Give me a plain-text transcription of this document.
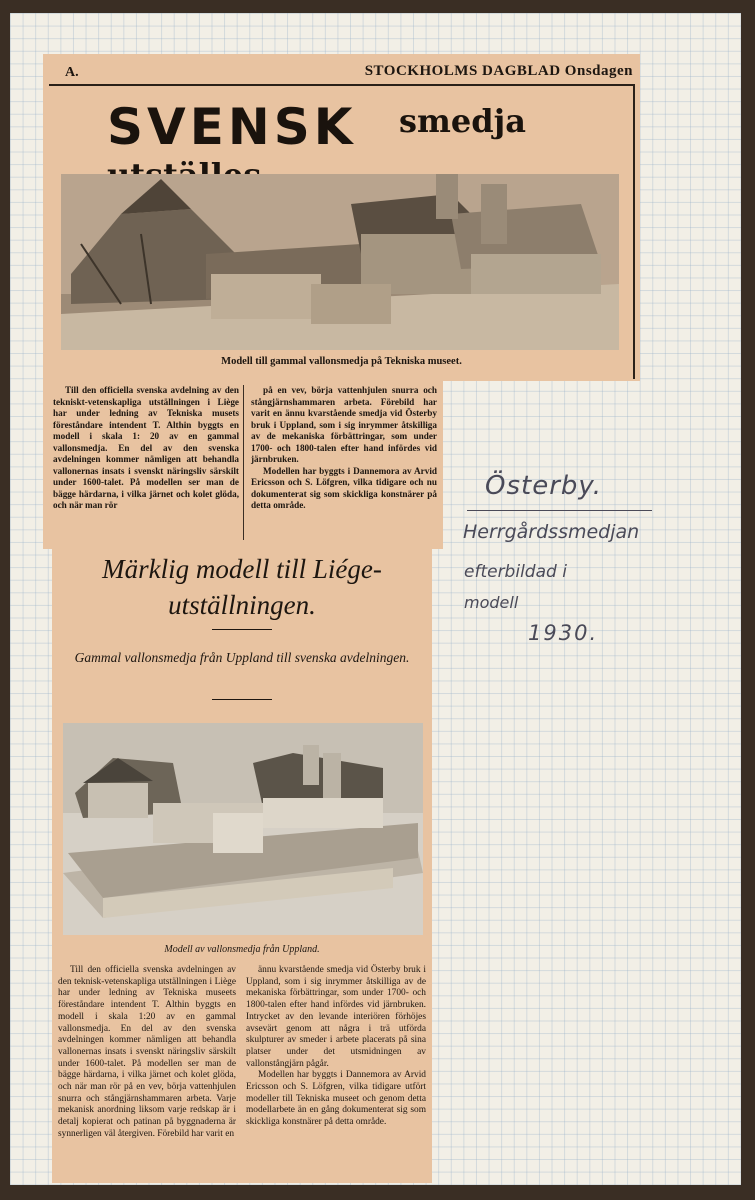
A.	STOCKHOLMS DAGBLAD Onsdagen
SVENSK smedja
Modell till gammal vallonsmedja på Tekniska museet.

Till den officiella svenska avdelning av den tekniskt-vetenskapliga utställningen i Liège har under ledning av Tekniska musets föreståndare intendent T. Althin byggts en modell i skala 1: 20 av en gammal vallonsmedja. En del av den svenska avdelningen kommer nämligen att behandla vallonernas insats i svenskt näringsliv särskilt under 1600-talet. På modellen ser man de bägge härdarna, i vilka järnet och kolet glöda, och när man rör

på en vev, börja vattenhjulen snurra och stångjärnshammaren arbeta. Förebild har varit en ännu kvarstående smedja vid Österby bruk i Uppland, som i sig inrymmer åtskilliga av de mekaniska förbättringar, som under 1700- och 1800-talen efter hand infördes vid järnbruken.

Modellen har byggts i Dannemora av Arvid Ericsson och S. Löfgren, vilka tidigare och nu dokumenterat sig som skickliga konstnärer på detta område.

Märklig modell till Liége-utställningen.
Gammal vallonsmedja från Uppland till svenska avdelningen.
Modell av vallonsmedja från Uppland.

Till den officiella svenska avdelningen av den teknisk-vetenskapliga utställningen i Liège har under ledning av Tekniska museets föreståndare intendent T. Althin byggts en modell i skala 1:20 av en gammal vallonsmedja. En del av den svenska avdelningen kommer nämligen att behandla vallonernas insats i svenskt näringsliv särskilt under 1600-talet. På modellen ser man de bägge härdarna, i vilka järnet och kolet glöda, och när man rör på en vev, börja vattenhjulen snurra och stångjärnshammaren arbeta. Varje mekanisk anordning liksom varje redskap är i detalj kopierat och patinan på byggnaderna är synnerligen väl återgiven. Förebild har varit en

ännu kvarstående smedja vid Österby bruk i Uppland, som i sig inrymmer åtskilliga av de mekaniska förbättringar, som under 1700- och 1800-talen efter hand infördes vid järnbruken. Intrycket av den levande interiören förhöjes avsevärt genom att några i trä utförda skulpturer av smeder i arbete placerats på sina platser under det utsmidningen av vallonstångjärn pågår.

Modellen har byggts i Dannemora av Arvid Ericsson och S. Löfgren, vilka tidigare utfört modeller till Tekniska museet och genom detta modellarbete än en gång dokumenterat sig som skickliga konstnärer på detta område.

Österby.
Herrgårdssmedjan
efterbildad i
modell
1930.
